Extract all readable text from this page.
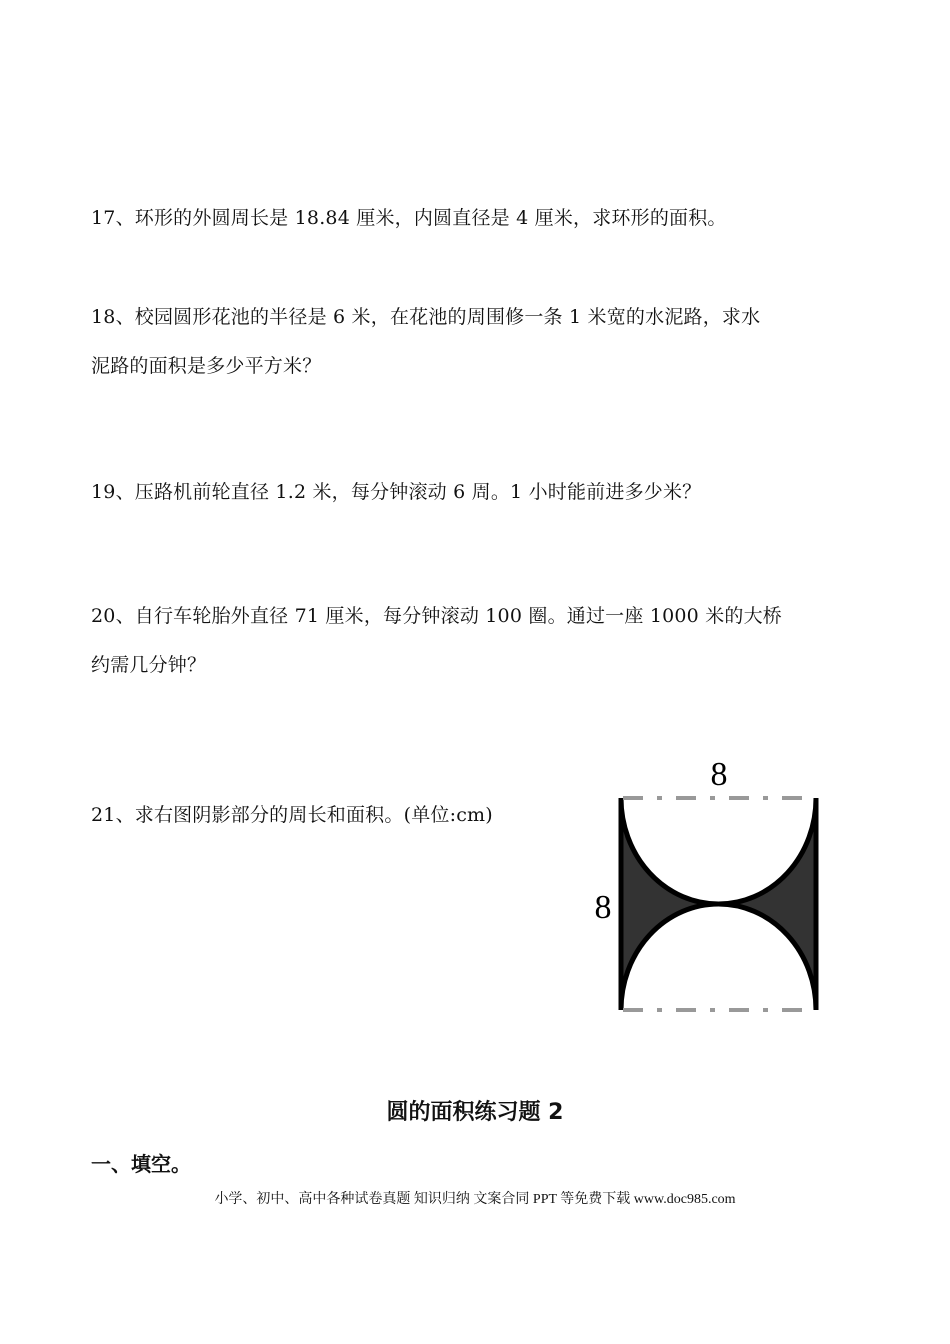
17、环形的外圆周长是 18.84 厘米，内圆直径是 4 厘米，求环形的面积。
18、校园圆形花池的半径是 6 米，在花池的周围修一条 1 米宽的水泥路，求水
泥路的面积是多少平方米？
19、压路机前轮直径 1.2 米，每分钟滚动 6 周。1 小时能前进多少米？
20、自行车轮胎外直径 71 厘米，每分钟滚动 100 圈。通过一座 1000 米的大桥
约需几分钟？
21、求右图阴影部分的周长和面积。(单位:cm)
8
8
圆的面积练习题 2
一、填空。
小学、初中、高中各种试卷真题 知识归纳 文案合同 PPT 等免费下载 www.doc985.com
